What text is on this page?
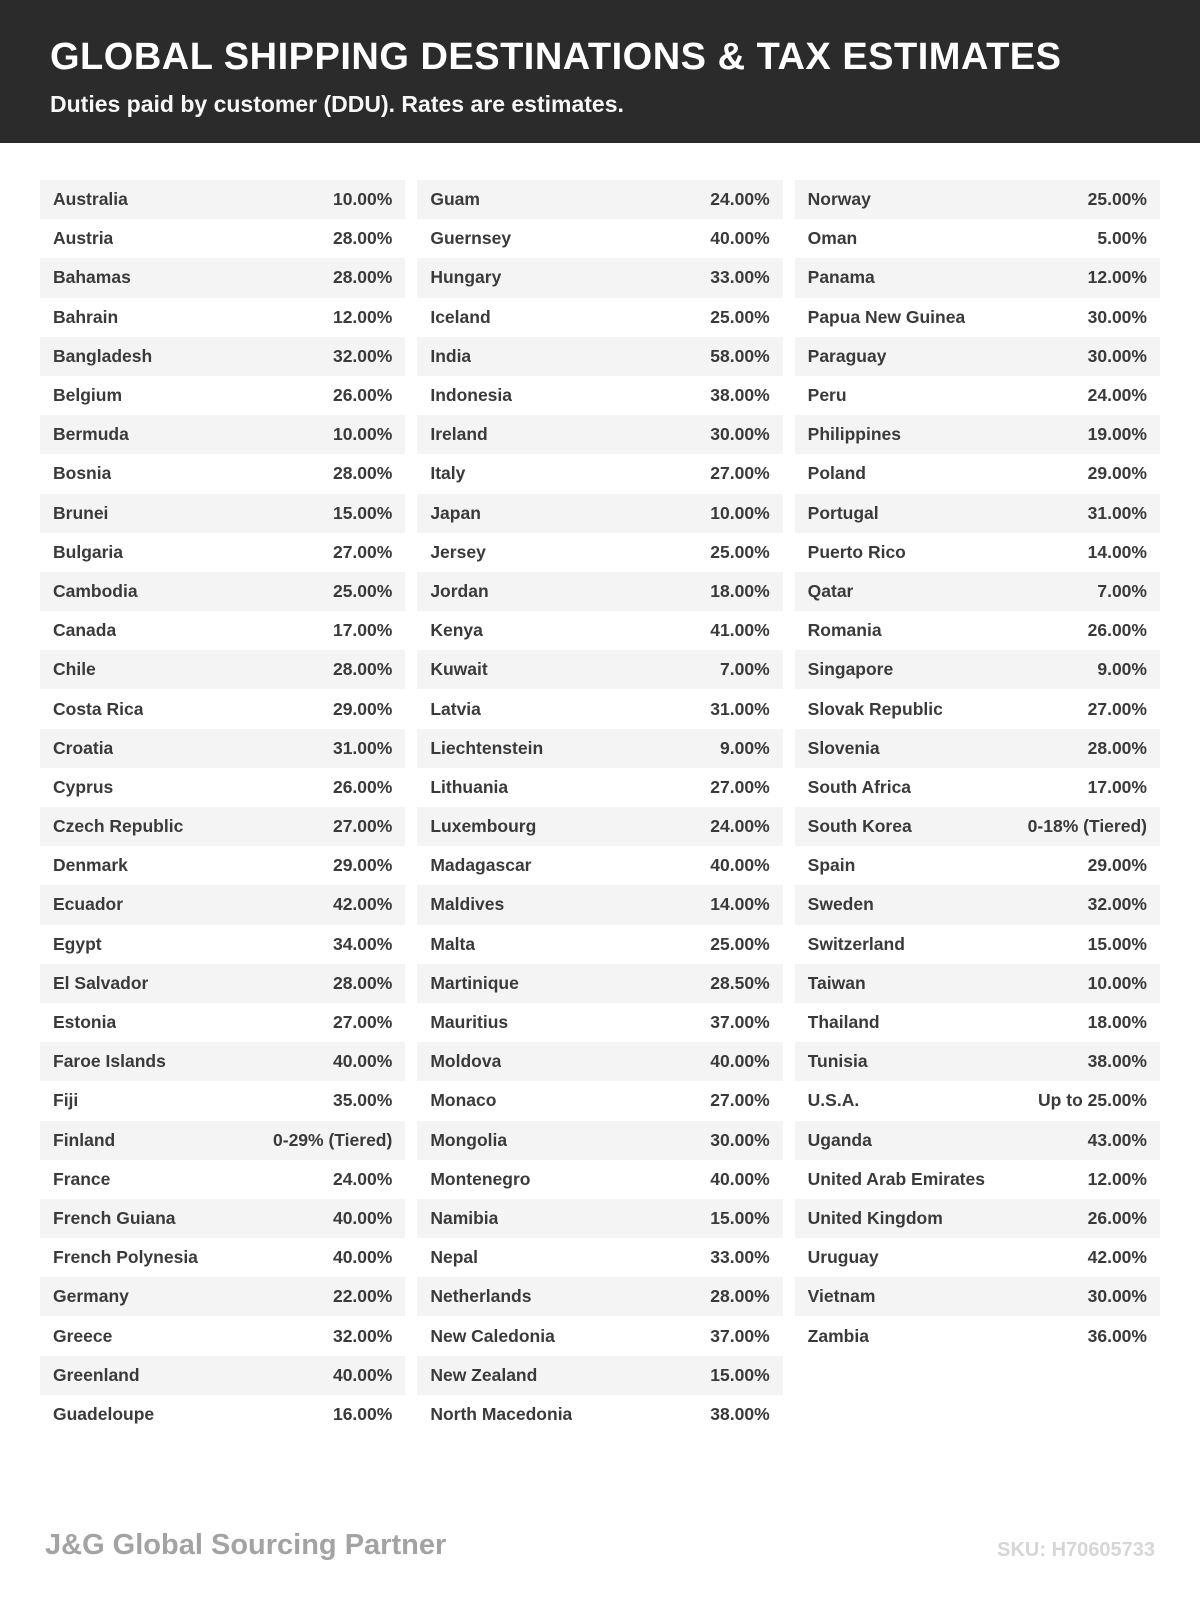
GLOBAL SHIPPING DESTINATIONS & TAX ESTIMATES
Duties paid by customer (DDU). Rates are estimates.
Australia	10.00%
Austria	28.00%
Bahamas	28.00%
Bahrain	12.00%
Bangladesh	32.00%
Belgium	26.00%
Bermuda	10.00%
Bosnia	28.00%
Brunei	15.00%
Bulgaria	27.00%
Cambodia	25.00%
Canada	17.00%
Chile	28.00%
Costa Rica	29.00%
Croatia	31.00%
Cyprus	26.00%
Czech Republic	27.00%
Denmark	29.00%
Ecuador	42.00%
Egypt	34.00%
El Salvador	28.00%
Estonia	27.00%
Faroe Islands	40.00%
Fiji	35.00%
Finland	0-29% (Tiered)
France	24.00%
French Guiana	40.00%
French Polynesia	40.00%
Germany	22.00%
Greece	32.00%
Greenland	40.00%
Guadeloupe	16.00%
Guam	24.00%
Guernsey	40.00%
Hungary	33.00%
Iceland	25.00%
India	58.00%
Indonesia	38.00%
Ireland	30.00%
Italy	27.00%
Japan	10.00%
Jersey	25.00%
Jordan	18.00%
Kenya	41.00%
Kuwait	7.00%
Latvia	31.00%
Liechtenstein	9.00%
Lithuania	27.00%
Luxembourg	24.00%
Madagascar	40.00%
Maldives	14.00%
Malta	25.00%
Martinique	28.50%
Mauritius	37.00%
Moldova	40.00%
Monaco	27.00%
Mongolia	30.00%
Montenegro	40.00%
Namibia	15.00%
Nepal	33.00%
Netherlands	28.00%
New Caledonia	37.00%
New Zealand	15.00%
North Macedonia	38.00%
Norway	25.00%
Oman	5.00%
Panama	12.00%
Papua New Guinea	30.00%
Paraguay	30.00%
Peru	24.00%
Philippines	19.00%
Poland	29.00%
Portugal	31.00%
Puerto Rico	14.00%
Qatar	7.00%
Romania	26.00%
Singapore	9.00%
Slovak Republic	27.00%
Slovenia	28.00%
South Africa	17.00%
South Korea	0-18% (Tiered)
Spain	29.00%
Sweden	32.00%
Switzerland	15.00%
Taiwan	10.00%
Thailand	18.00%
Tunisia	38.00%
U.S.A.	Up to 25.00%
Uganda	43.00%
United Arab Emirates	12.00%
United Kingdom	26.00%
Uruguay	42.00%
Vietnam	30.00%
Zambia	36.00%
J&G Global Sourcing Partner	SKU: H70605733
